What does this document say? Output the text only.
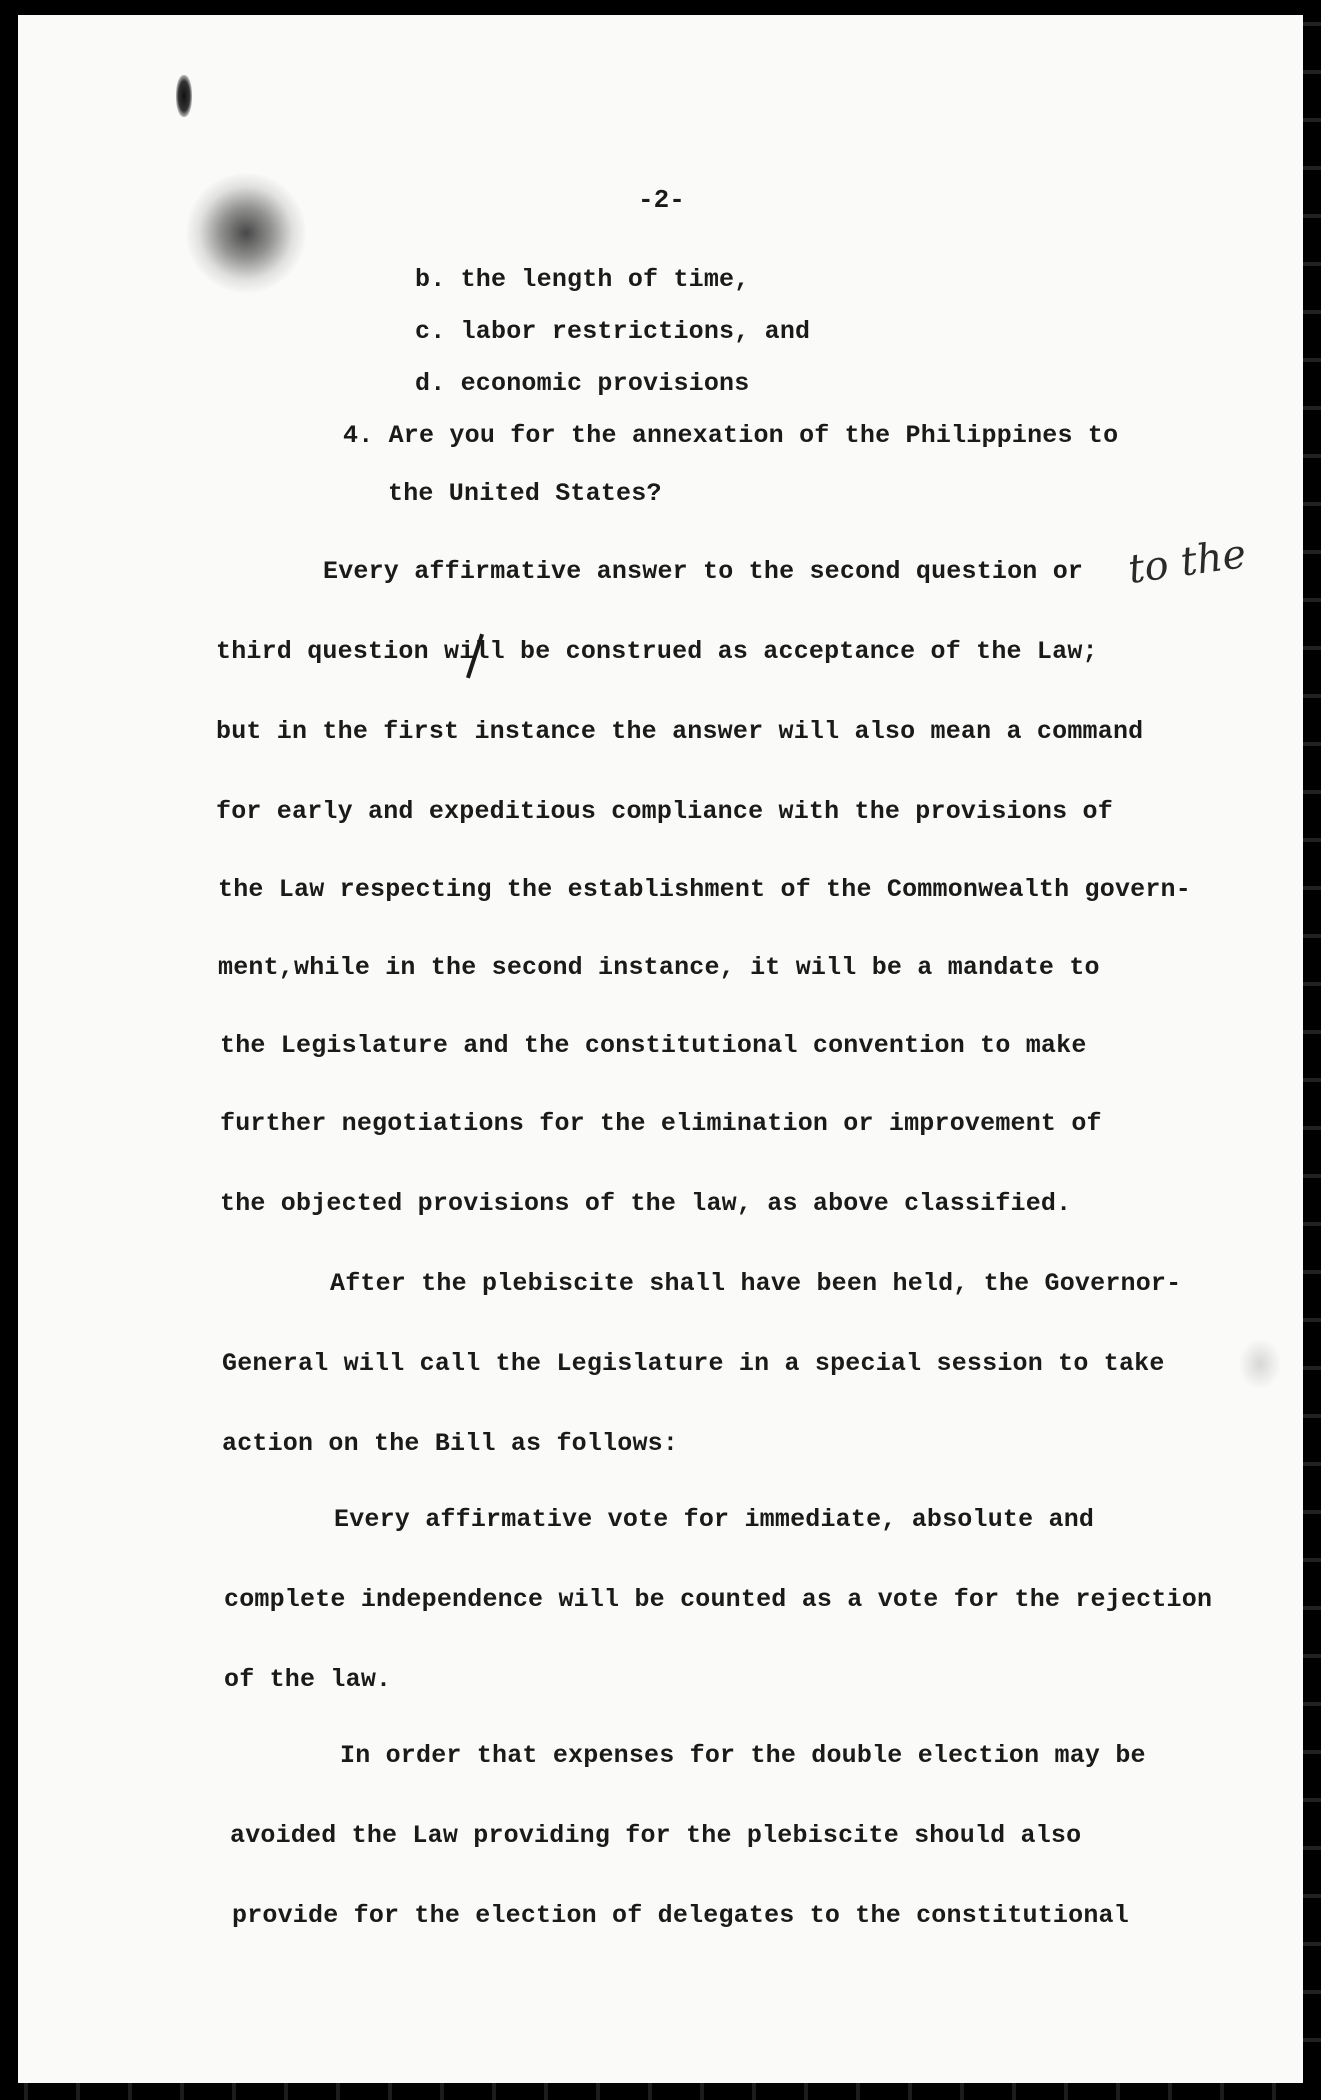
-2-
b. the length of time,
c. labor restrictions, and
d. economic provisions
4. Are you for the annexation of the Philippines to
the United States?
Every affirmative answer to the second question or to the
third question will be construed as acceptance of the Law;
but in the first instance the answer will also mean a command
for early and expeditious compliance with the provisions of
the Law respecting the establishment of the Commonwealth govern-
ment,while in the second instance, it will be a mandate to
the Legislature and the constitutional convention to make
further negotiations for the elimination or improvement of
the objected provisions of the law, as above classified.
After the plebiscite shall have been held, the Governor-
General will call the Legislature in a special session to take
action on the Bill as follows:
Every affirmative vote for immediate, absolute and
complete independence will be counted as a vote for the rejection
of the law.
In order that expenses for the double election may be
avoided the Law providing for the plebiscite should also
provide for the election of delegates to the constitutional
